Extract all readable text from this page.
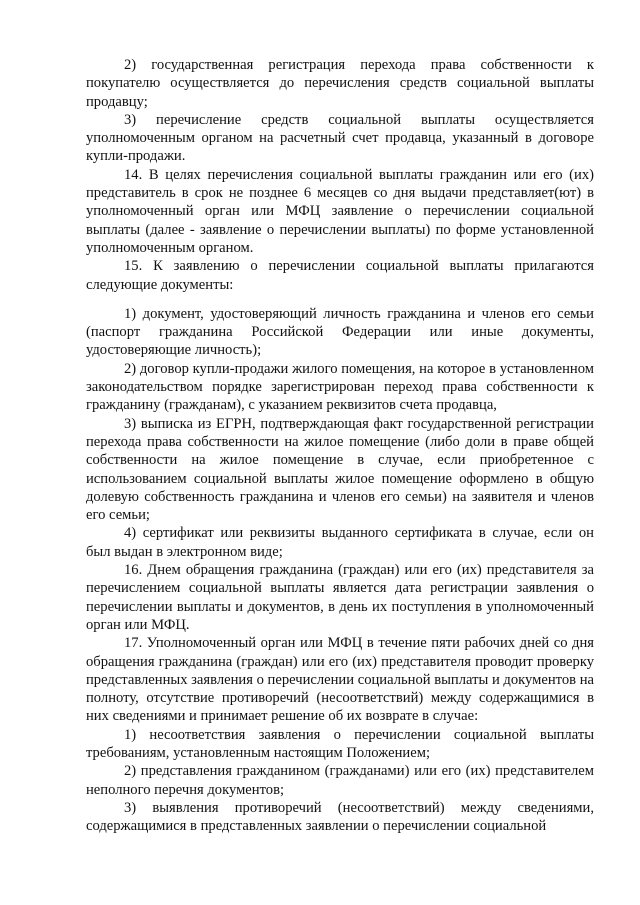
2) государственная регистрация перехода права собственности к покупателю осуществляется до перечисления средств социальной выплаты продавцу;

3) перечисление средств социальной выплаты осуществляется уполномоченным органом на расчетный счет продавца, указанный в договоре купли-продажи.

14. В целях перечисления социальной выплаты гражданин или его (их) представитель в срок не позднее 6 месяцев со дня выдачи представляет(ют) в уполномоченный орган или МФЦ заявление о перечислении социальной выплаты (далее - заявление о перечислении выплаты) по форме установленной уполномоченным органом.

15. К заявлению о перечислении социальной выплаты прилагаются следующие документы:

1) документ, удостоверяющий личность гражданина и членов его семьи (паспорт гражданина Российской Федерации или иные документы, удостоверяющие личность);

2) договор купли-продажи жилого помещения, на которое в установленном законодательством порядке зарегистрирован переход права собственности к гражданину (гражданам), с указанием реквизитов счета продавца,

3) выписка из ЕГРН, подтверждающая факт государственной регистрации перехода права собственности на жилое помещение (либо доли в праве общей собственности на жилое помещение в случае, если приобретенное с использованием социальной выплаты жилое помещение оформлено в общую долевую собственность гражданина и членов его семьи) на заявителя и членов его семьи;

4) сертификат или реквизиты выданного сертификата в случае, если он был выдан в электронном виде;

16. Днем обращения гражданина (граждан) или его (их) представителя за перечислением социальной выплаты является дата регистрации заявления о перечислении выплаты и документов, в день их поступления в уполномоченный орган или МФЦ.

17. Уполномоченный орган или МФЦ в течение пяти рабочих дней со дня обращения гражданина (граждан) или его (их) представителя проводит проверку представленных заявления о перечислении социальной выплаты и документов на полноту, отсутствие противоречий (несоответствий) между содержащимися в них сведениями и принимает решение об их возврате в случае:

1) несоответствия заявления о перечислении социальной выплаты требованиям, установленным настоящим Положением;

2) представления гражданином (гражданами) или его (их) представителем неполного перечня документов;

3) выявления противоречий (несоответствий) между сведениями, содержащимися в представленных заявлении о перечислении социальной
